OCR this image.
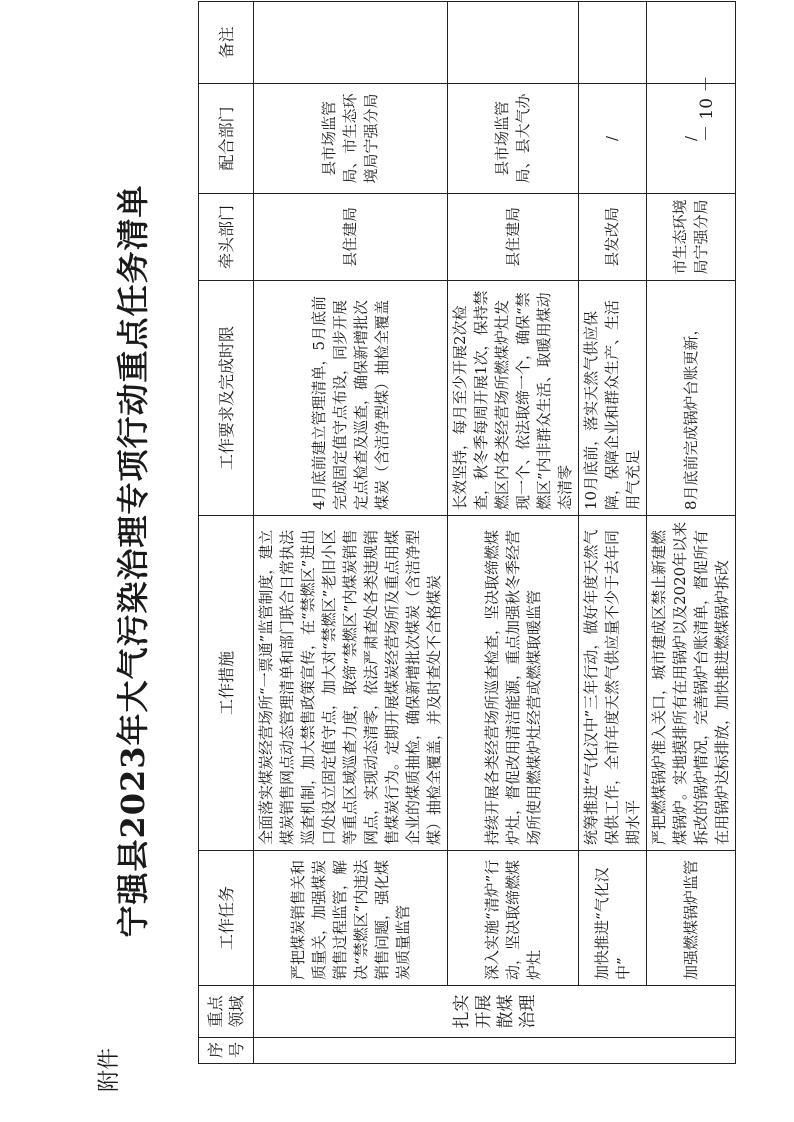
附件
宁强县2023年大气污染治理专项行动重点任务清单
序号	重点领域	工作任务	工作措施	工作要求及完成时限	牵头部门	配合部门	备注
	扎实开展散煤治理	严把煤炭销售关和质量关，加强煤炭销售过程监管，解决“禁燃区”内违法销售问题，强化煤炭质量监管	全面落实煤炭经营场所“一票通”监管制度，建立煤炭销售网点动态管理清单和部门联合日常执法巡查机制，加大禁售政策宣传，在“禁燃区”进出口处设立固定值守点，加大对“禁燃区”老旧小区等重点区域巡查力度，取缔“禁燃区”内煤炭销售网点，实现动态清零，依法严肃查处各类违规销售煤炭行为。定期开展煤炭经营场所及重点用煤企业的煤质抽检，确保新增批次煤炭（含洁净型煤）抽检全覆盖，并及时查处不合格煤炭	4月底前建立管理清单，5月底前完成固定值守点布设，同步开展定点检查及巡查，确保新增批次煤炭（含洁净型煤）抽检全覆盖	县住建局	县市场监管局、市生态环境局宁强分局	
		深入实施“清炉”行动，坚决取缔燃煤炉灶	持续开展各类经营场所巡查检查，坚决取缔燃煤炉灶，督促改用清洁能源，重点加强秋冬季经营场所使用燃煤炉灶经营或燃煤取暖监管	长效坚持，每月至少开展2次检查，秋冬季每周开展1次，保持禁燃区内各类经营场所燃煤炉灶发现一个、依法取缔一个，确保“禁燃区”内非群众生活、取暖用煤动态清零	县住建局	县市场监管局、县大气办	
		加快推进“气化汉中”	统筹推进“气化汉中”三年行动，做好年度天然气保供工作，全市年度天然气供应量不少于去年同期水平	10月底前，落实天然气供应保障，保障企业和群众生产、生活用气充足	县发改局	/	
		加强燃煤锅炉监管	严把燃煤锅炉准入关口，城市建成区禁止新建燃煤锅炉。实地摸排所有在用锅炉以及2020年以来拆改的锅炉情况，完善锅炉台账清单，督促所有在用锅炉达标排放，加快推进燃煤锅炉拆改	8月底前完成锅炉台账更新，	市生态环境局宁强分局	/	
－ 10 －
